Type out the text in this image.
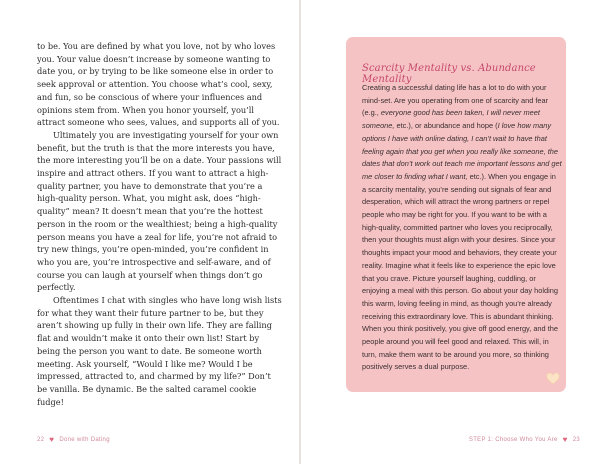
to be. You are defined by what you love, not by who loves you. Your value doesn’t increase by someone wanting to date you, or by trying to be like someone else in order to seek approval or attention. You choose what’s cool, sexy, and fun, so be conscious of where your influences and opinions stem from. When you honor yourself, you’ll attract someone who sees, values, and supports all of you.

Ultimately you are investigating yourself for your own benefit, but the truth is that the more interests you have, the more interesting you’ll be on a date. Your passions will inspire and attract others. If you want to attract a high-quality partner, you have to demonstrate that you’re a high-quality person. What, you might ask, does “high-quality” mean? It doesn’t mean that you’re the hottest person in the room or the wealthiest; being a high-quality person means you have a zeal for life, you’re not afraid to try new things, you’re open-minded, you’re confident in who you are, you’re introspective and self-aware, and of course you can laugh at yourself when things don’t go perfectly.

Oftentimes I chat with singles who have long wish lists for what they want their future partner to be, but they aren’t showing up fully in their own life. They are falling flat and wouldn’t make it onto their own list! Start by being the person you want to date. Be someone worth meeting. Ask yourself, “Would I like me? Would I be impressed, attracted to, and charmed by my life?” Don’t be vanilla. Be dynamic. Be the salted caramel cookie fudge!

22 ♥ Done with Dating
Scarcity Mentality vs. Abundance Mentality

Creating a successful dating life has a lot to do with your mind-set. Are you operating from one of scarcity and fear (e.g., everyone good has been taken, I will never meet someone, etc.), or abundance and hope (I love how many options I have with online dating, I can’t wait to have that feeling again that you get when you really like someone, the dates that don’t work out teach me important lessons and get me closer to finding what I want, etc.). When you engage in a scarcity mentality, you’re sending out signals of fear and desperation, which will attract the wrong partners or repel people who may be right for you. If you want to be with a high-quality, committed partner who loves you reciprocally, then your thoughts must align with your desires. Since your thoughts impact your mood and behaviors, they create your reality. Imagine what it feels like to experience the epic love that you crave. Picture yourself laughing, cuddling, or enjoying a meal with this person. Go about your day holding this warm, loving feeling in mind, as though you’re already receiving this extraordinary love. This is abundant thinking. When you think positively, you give off good energy, and the people around you will feel good and relaxed. This will, in turn, make them want to be around you more, so thinking positively serves a dual purpose.

STEP 1: Choose Who You Are ♥ 23
